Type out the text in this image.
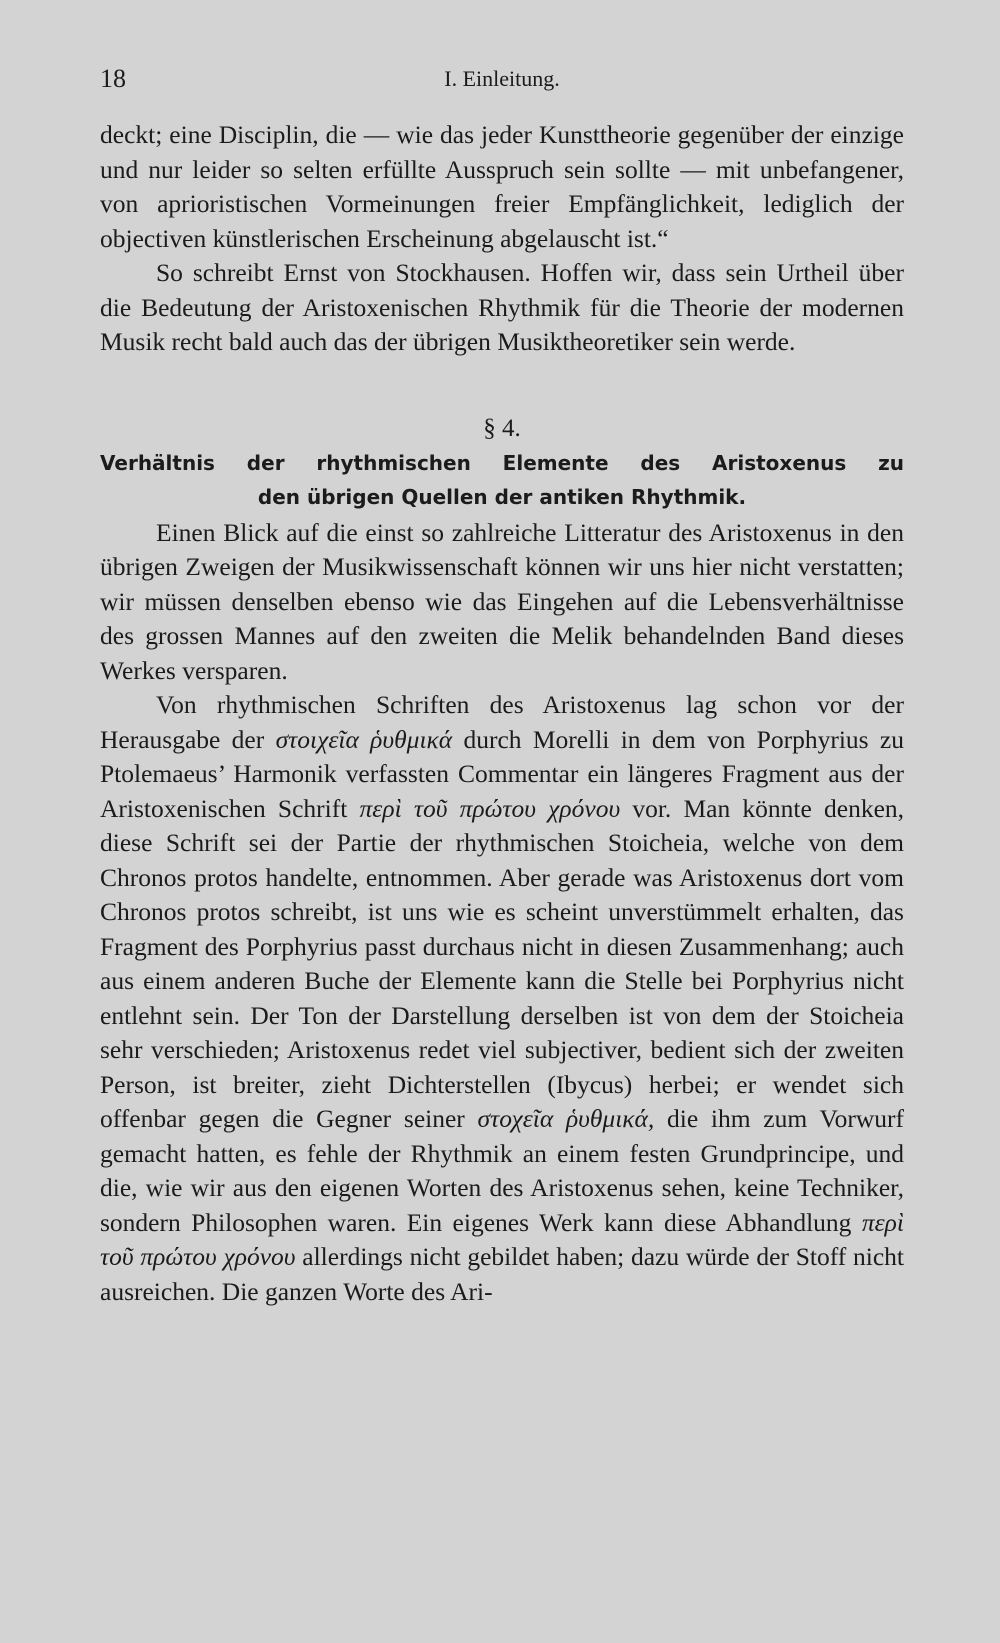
18	I. Einleitung.

deckt; eine Disciplin, die — wie das jeder Kunsttheorie gegenüber der einzige und nur leider so selten erfüllte Ausspruch sein sollte — mit unbefangener, von aprioristischen Vormeinungen freier Empfänglichkeit, lediglich der objectiven künstlerischen Erscheinung abgelauscht ist.“

So schreibt Ernst von Stockhausen. Hoffen wir, dass sein Urtheil über die Bedeutung der Aristoxenischen Rhythmik für die Theorie der modernen Musik recht bald auch das der übrigen Musiktheoretiker sein werde.

§ 4.
Verhältnis der rhythmischen Elemente des Aristoxenus zu
den übrigen Quellen der antiken Rhythmik.

Einen Blick auf die einst so zahlreiche Litteratur des Aristoxenus in den übrigen Zweigen der Musikwissenschaft können wir uns hier nicht verstatten; wir müssen denselben ebenso wie das Eingehen auf die Lebensverhältnisse des grossen Mannes auf den zweiten die Melik behandelnden Band dieses Werkes versparen.

Von rhythmischen Schriften des Aristoxenus lag schon vor der Herausgabe der στοιχεῖα ῥυθμικά durch Morelli in dem von Porphyrius zu Ptolemaeus’ Harmonik verfassten Commentar ein längeres Fragment aus der Aristoxenischen Schrift περὶ τοῦ πρώτου χρόνου vor. Man könnte denken, diese Schrift sei der Partie der rhythmischen Stoicheia, welche von dem Chronos protos handelte, entnommen. Aber gerade was Aristoxenus dort vom Chronos protos schreibt, ist uns wie es scheint unverstümmelt erhalten, das Fragment des Porphyrius passt durchaus nicht in diesen Zusammenhang; auch aus einem anderen Buche der Elemente kann die Stelle bei Porphyrius nicht entlehnt sein. Der Ton der Darstellung derselben ist von dem der Stoicheia sehr verschieden; Aristoxenus redet viel subjectiver, bedient sich der zweiten Person, ist breiter, zieht Dichterstellen (Ibycus) herbei; er wendet sich offenbar gegen die Gegner seiner στοχεῖα ῥυθμικά, die ihm zum Vorwurf gemacht hatten, es fehle der Rhythmik an einem festen Grundprincipe, und die, wie wir aus den eigenen Worten des Aristoxenus sehen, keine Techniker, sondern Philosophen waren. Ein eigenes Werk kann diese Abhandlung περὶ τοῦ πρώτου χρόνου allerdings nicht gebildet haben; dazu würde der Stoff nicht ausreichen. Die ganzen Worte des Ari-
